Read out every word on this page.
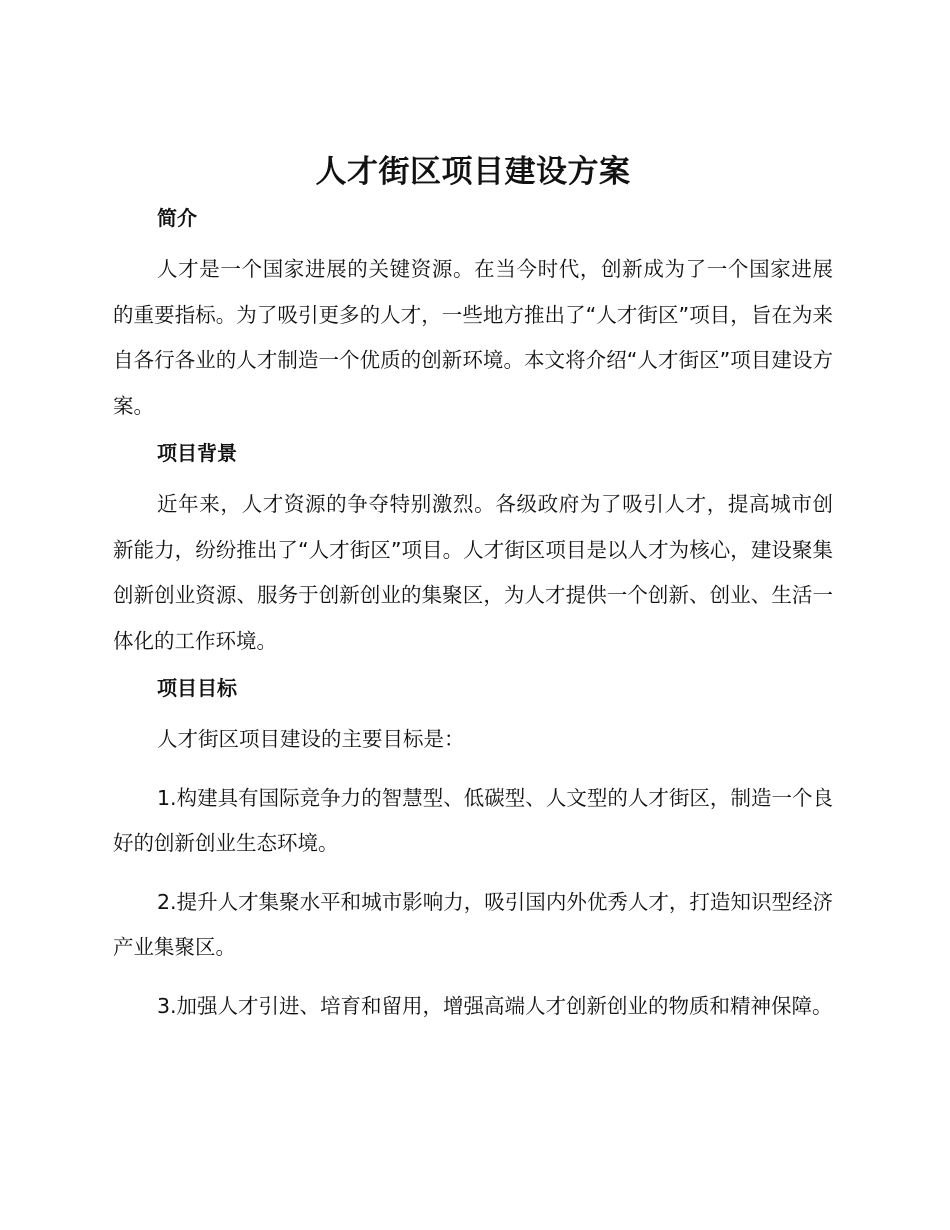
人才街区项目建设方案
简介

人才是一个国家进展的关键资源。在当今时代，创新成为了一个国家进展的重要指标。为了吸引更多的人才，一些地方推出了“人才街区”项目，旨在为来自各行各业的人才制造一个优质的创新环境。本文将介绍“人才街区”项目建设方案。

项目背景

近年来，人才资源的争夺特别激烈。各级政府为了吸引人才，提高城市创新能力，纷纷推出了“人才街区”项目。人才街区项目是以人才为核心，建设聚集创新创业资源、服务于创新创业的集聚区，为人才提供一个创新、创业、生活一体化的工作环境。

项目目标

人才街区项目建设的主要目标是：

1.构建具有国际竞争力的智慧型、低碳型、人文型的人才街区，制造一个良好的创新创业生态环境。

2.提升人才集聚水平和城市影响力，吸引国内外优秀人才，打造知识型经济产业集聚区。

3.加强人才引进、培育和留用，增强高端人才创新创业的物质和精神保障。
